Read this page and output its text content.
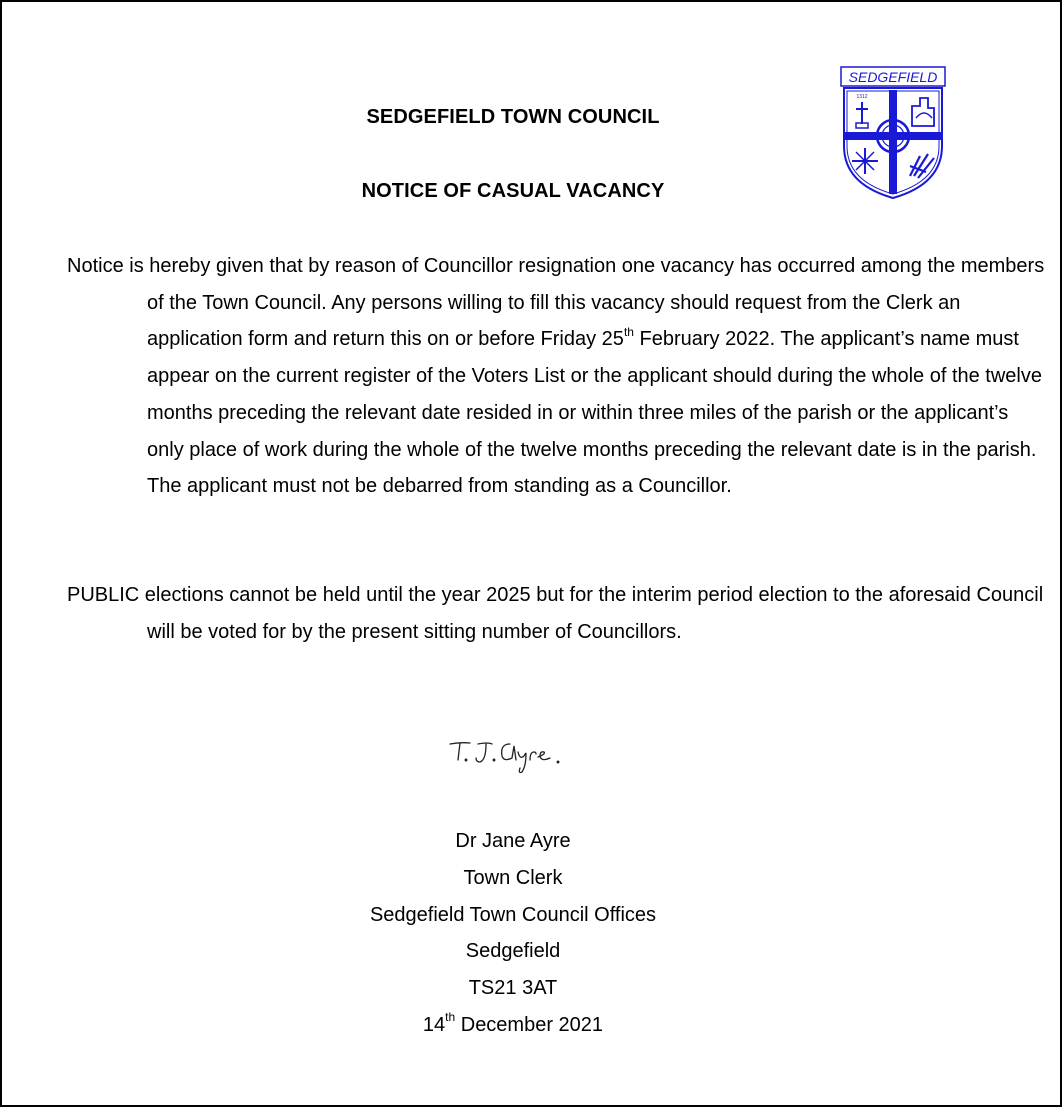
SEDGEFIELD TOWN COUNCIL
NOTICE OF CASUAL VACANCY
SEDGEFIELD
1312

Notice is hereby given that by reason of Councillor resignation one vacancy has occurred among the members of the Town Council. Any persons willing to fill this vacancy should request from the Clerk an application form and return this on or before Friday 25th February 2022. The applicant’s name must appear on the current register of the Voters List or the applicant should during the whole of the twelve months preceding the relevant date resided in or within three miles of the parish or the applicant’s only place of work during the whole of the twelve months preceding the relevant date is in the parish. The applicant must not be debarred from standing as a Councillor.

PUBLIC elections cannot be held until the year 2025 but for the interim period election to the aforesaid Council will be voted for by the present sitting number of Councillors.

Dr Jane Ayre
Town Clerk
Sedgefield Town Council Offices
Sedgefield
TS21 3AT
14th December 2021
